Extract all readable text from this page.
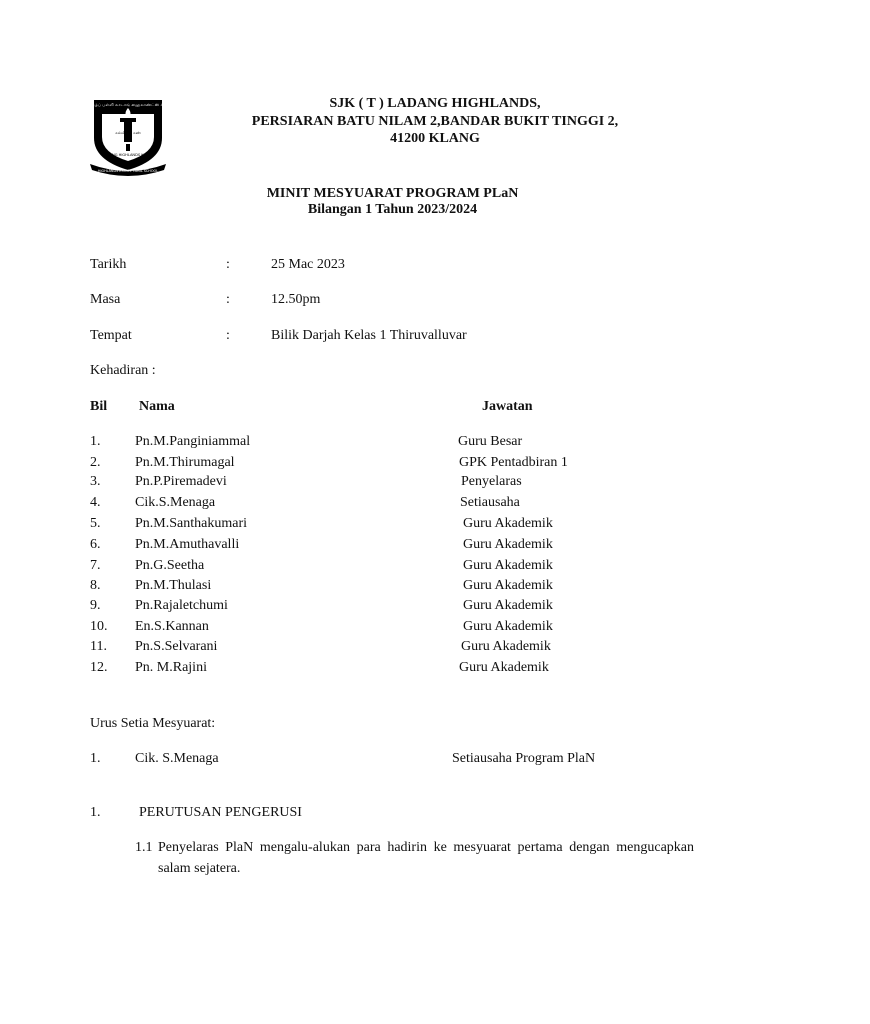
சு.இ.தமிழ்ப் பள்ளி லாடாங் ஹைலாண்ட்ஸ் கிள்ளான்
கல்வியே கண்
LADANG HIGHLANDS KLANG
HIGHLANDS ESTATE TAMIL SCHOOL
SJK ( T ) LADANG HIGHLANDS,
PERSIARAN BATU NILAM 2,BANDAR BUKIT TINGGI 2,
41200 KLANG
MINIT MESYUARAT PROGRAM PLaN
Bilangan 1 Tahun 2023/2024
Tarikh	:	25 Mac 2023
Masa	:	12.50pm
Tempat	:	Bilik Darjah Kelas 1 Thiruvalluvar
Kehadiran :
Bil Nama	Jawatan
1. Pn.M.Panginiammal	Guru Besar
2. Pn.M.Thirumagal	GPK Pentadbiran 1
3. Pn.P.Piremadevi	Penyelaras
4. Cik.S.Menaga	Setiausaha
5. Pn.M.Santhakumari	Guru Akademik
6. Pn.M.Amuthavalli	Guru Akademik
7. Pn.G.Seetha	Guru Akademik
8. Pn.M.Thulasi	Guru Akademik
9. Pn.Rajaletchumi	Guru Akademik
10. En.S.Kannan	Guru Akademik
11. Pn.S.Selvarani	Guru Akademik
12. Pn. M.Rajini	Guru Akademik
Urus Setia Mesyuarat:
1. Cik. S.Menaga	Setiausaha Program PlaN
1.	PERUTUSAN PENGERUSI
1.1 Penyelaras PlaN mengalu-alukan para hadirin ke mesyuarat pertama dengan mengucapkan salam sejatera.
